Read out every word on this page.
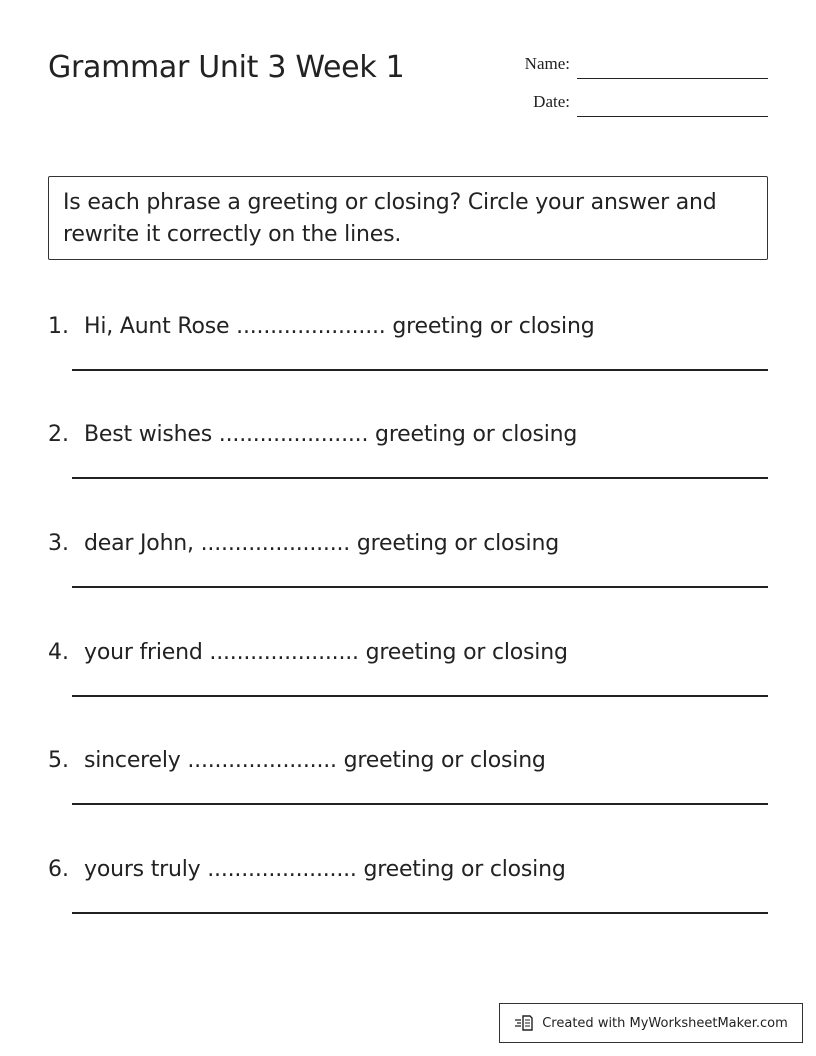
Grammar Unit 3 Week 1	Name:
Date:
Is each phrase a greeting or closing? Circle your answer and rewrite it correctly on the lines.
1. Hi, Aunt Rose ...................... greeting or closing
2. Best wishes ...................... greeting or closing
3. dear John, ...................... greeting or closing
4. your friend ...................... greeting or closing
5. sincerely ...................... greeting or closing
6. yours truly ...................... greeting or closing
Created with MyWorksheetMaker.com
